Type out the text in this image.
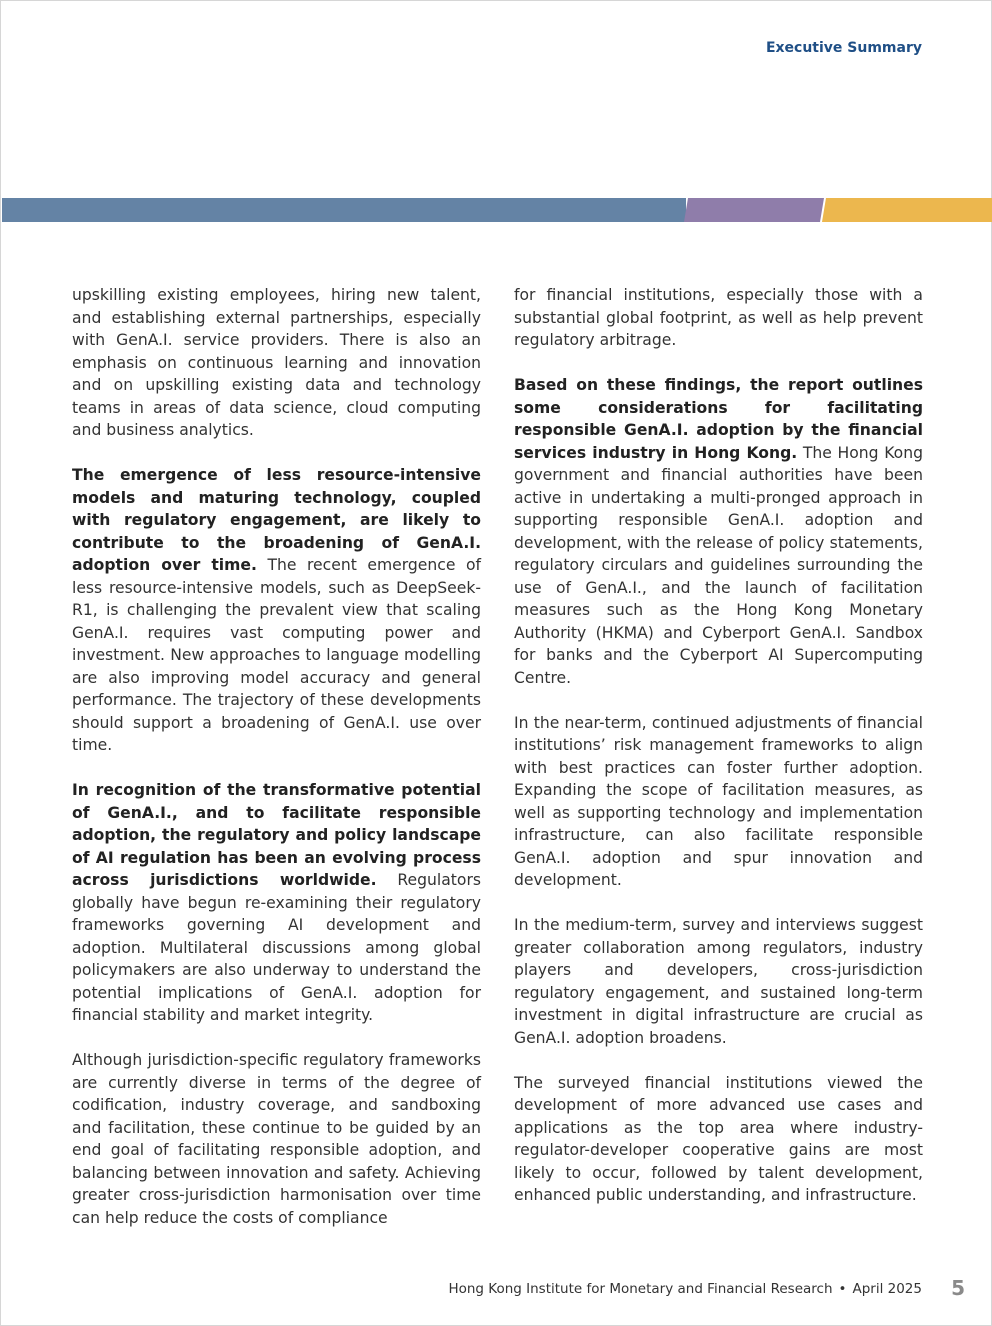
Executive Summary

upskilling existing employees, hiring new talent, and establishing external partnerships, especially with GenA.I. service providers. There is also an emphasis on continuous learning and innovation and on upskilling existing data and technology teams in areas of data science, cloud computing and business analytics.

The emergence of less resource-intensive models and maturing technology, coupled with regulatory engagement, are likely to contribute to the broadening of GenA.I. adoption over time. The recent emergence of less resource-intensive models, such as DeepSeek-R1, is challenging the prevalent view that scaling GenA.I. requires vast computing power and investment. New approaches to language modelling are also improving model accuracy and general performance. The trajectory of these developments should support a broadening of GenA.I. use over time.

In recognition of the transformative potential of GenA.I., and to facilitate responsible adoption, the regulatory and policy landscape of AI regulation has been an evolving process across jurisdictions worldwide. Regulators globally have begun re-examining their regulatory frameworks governing AI development and adoption. Multilateral discussions among global policymakers are also underway to understand the potential implications of GenA.I. adoption for financial stability and market integrity.

Although jurisdiction-specific regulatory frameworks are currently diverse in terms of the degree of codification, industry coverage, and sandboxing and facilitation, these continue to be guided by an end goal of facilitating responsible adoption, and balancing between innovation and safety. Achieving greater cross-jurisdiction harmonisation over time can help reduce the costs of compliance

for financial institutions, especially those with a substantial global footprint, as well as help prevent regulatory arbitrage.

Based on these findings, the report outlines some considerations for facilitating responsible GenA.I. adoption by the financial services industry in Hong Kong. The Hong Kong government and financial authorities have been active in undertaking a multi-pronged approach in supporting responsible GenA.I. adoption and development, with the release of policy statements, regulatory circulars and guidelines surrounding the use of GenA.I., and the launch of facilitation measures such as the Hong Kong Monetary Authority (HKMA) and Cyberport GenA.I. Sandbox for banks and the Cyberport AI Supercomputing Centre.

In the near-term, continued adjustments of financial institutions’ risk management frameworks to align with best practices can foster further adoption. Expanding the scope of facilitation measures, as well as supporting technology and implementation infrastructure, can also facilitate responsible GenA.I. adoption and spur innovation and development.

In the medium-term, survey and interviews suggest greater collaboration among regulators, industry players and developers, cross-jurisdiction regulatory engagement, and sustained long-term investment in digital infrastructure are crucial as GenA.I. adoption broadens.

The surveyed financial institutions viewed the development of more advanced use cases and applications as the top area where industry-regulator-developer cooperative gains are most likely to occur, followed by talent development, enhanced public understanding, and infrastructure.

Hong Kong Institute for Monetary and Financial Research • April 2025 5
